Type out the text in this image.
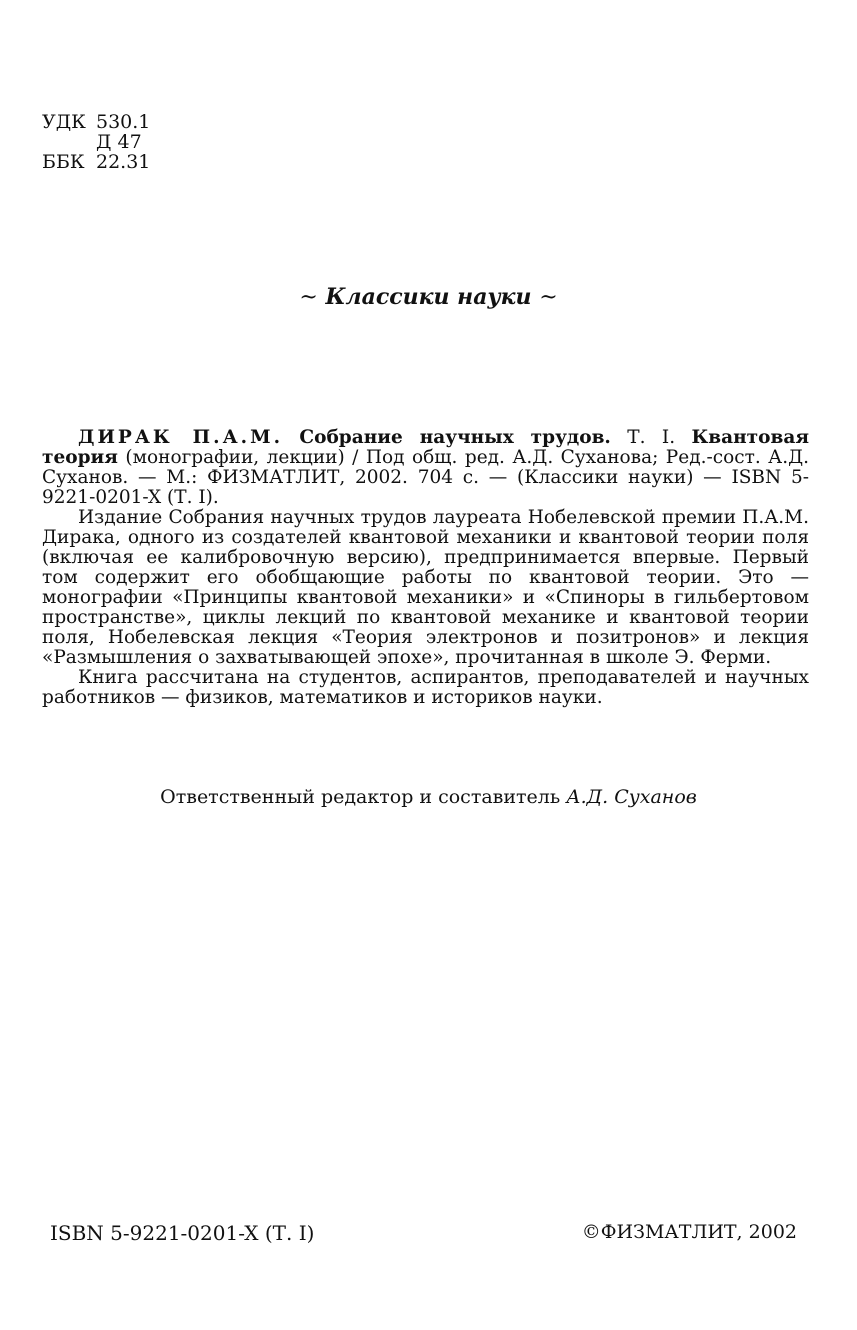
УДК 530.1
Д 47
ББК 22.31
~ Классики науки ~

ДИРАК П.А.М. Собрание научных трудов. Т. I. Квантовая теория (монографии, лекции) / Под общ. ред. А.Д. Суханова; Ред.-сост. А.Д. Суханов. — М.: ФИЗМАТЛИТ, 2002. 704 с. — (Классики науки) — ISBN 5-9221-0201-X (Т. I).

Издание Собрания научных трудов лауреата Нобелевской премии П.А.М. Дирака, одного из создателей квантовой механики и квантовой теории поля (включая ее калибровочную версию), предпринимается впервые. Первый том содержит его обобщающие работы по квантовой теории. Это — монографии «Принципы квантовой механики» и «Спиноры в гильбертовом пространстве», циклы лекций по квантовой механике и квантовой теории поля, Нобелевская лекция «Теория электронов и позитронов» и лекция «Размышления о захватывающей эпохе», прочитанная в школе Э. Ферми.

Книга рассчитана на студентов, аспирантов, преподавателей и научных работников — физиков, математиков и историков науки.

Ответственный редактор и составитель А.Д. Суханов
ISBN 5-9221-0201-X (Т. I)	©ФИЗМАТЛИТ, 2002
